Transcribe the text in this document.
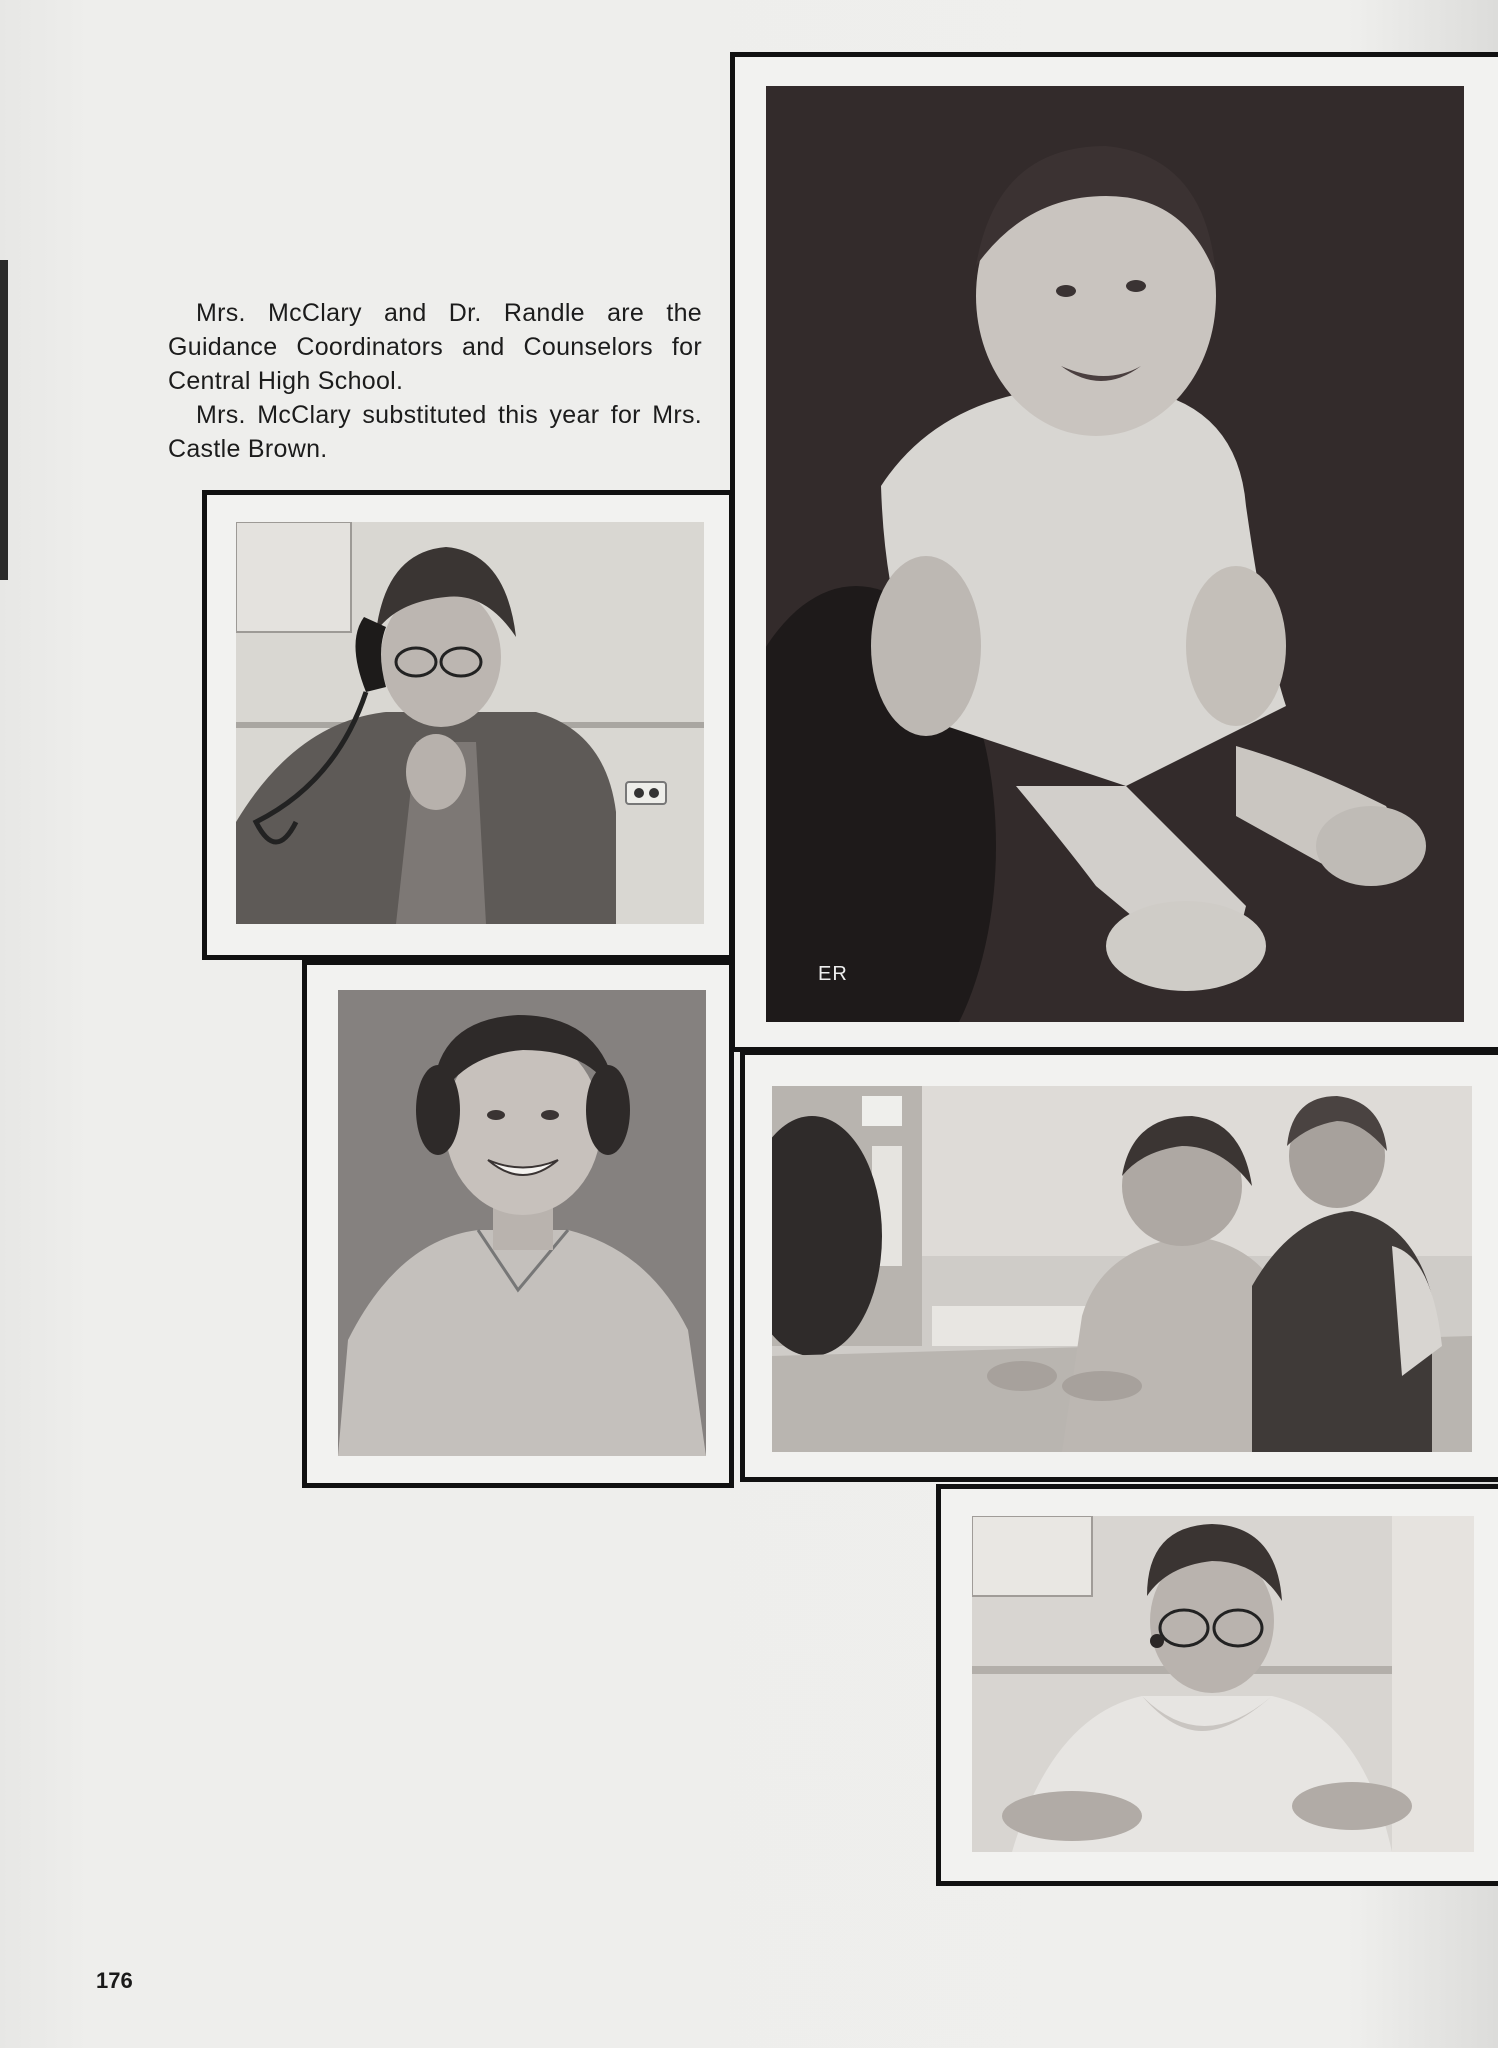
Mrs. McClary and Dr. Randle are the Guidance Coordinators and Counselors for Central High School.

Mrs. McClary substituted this year for Mrs. Castle Brown.

ER
176
